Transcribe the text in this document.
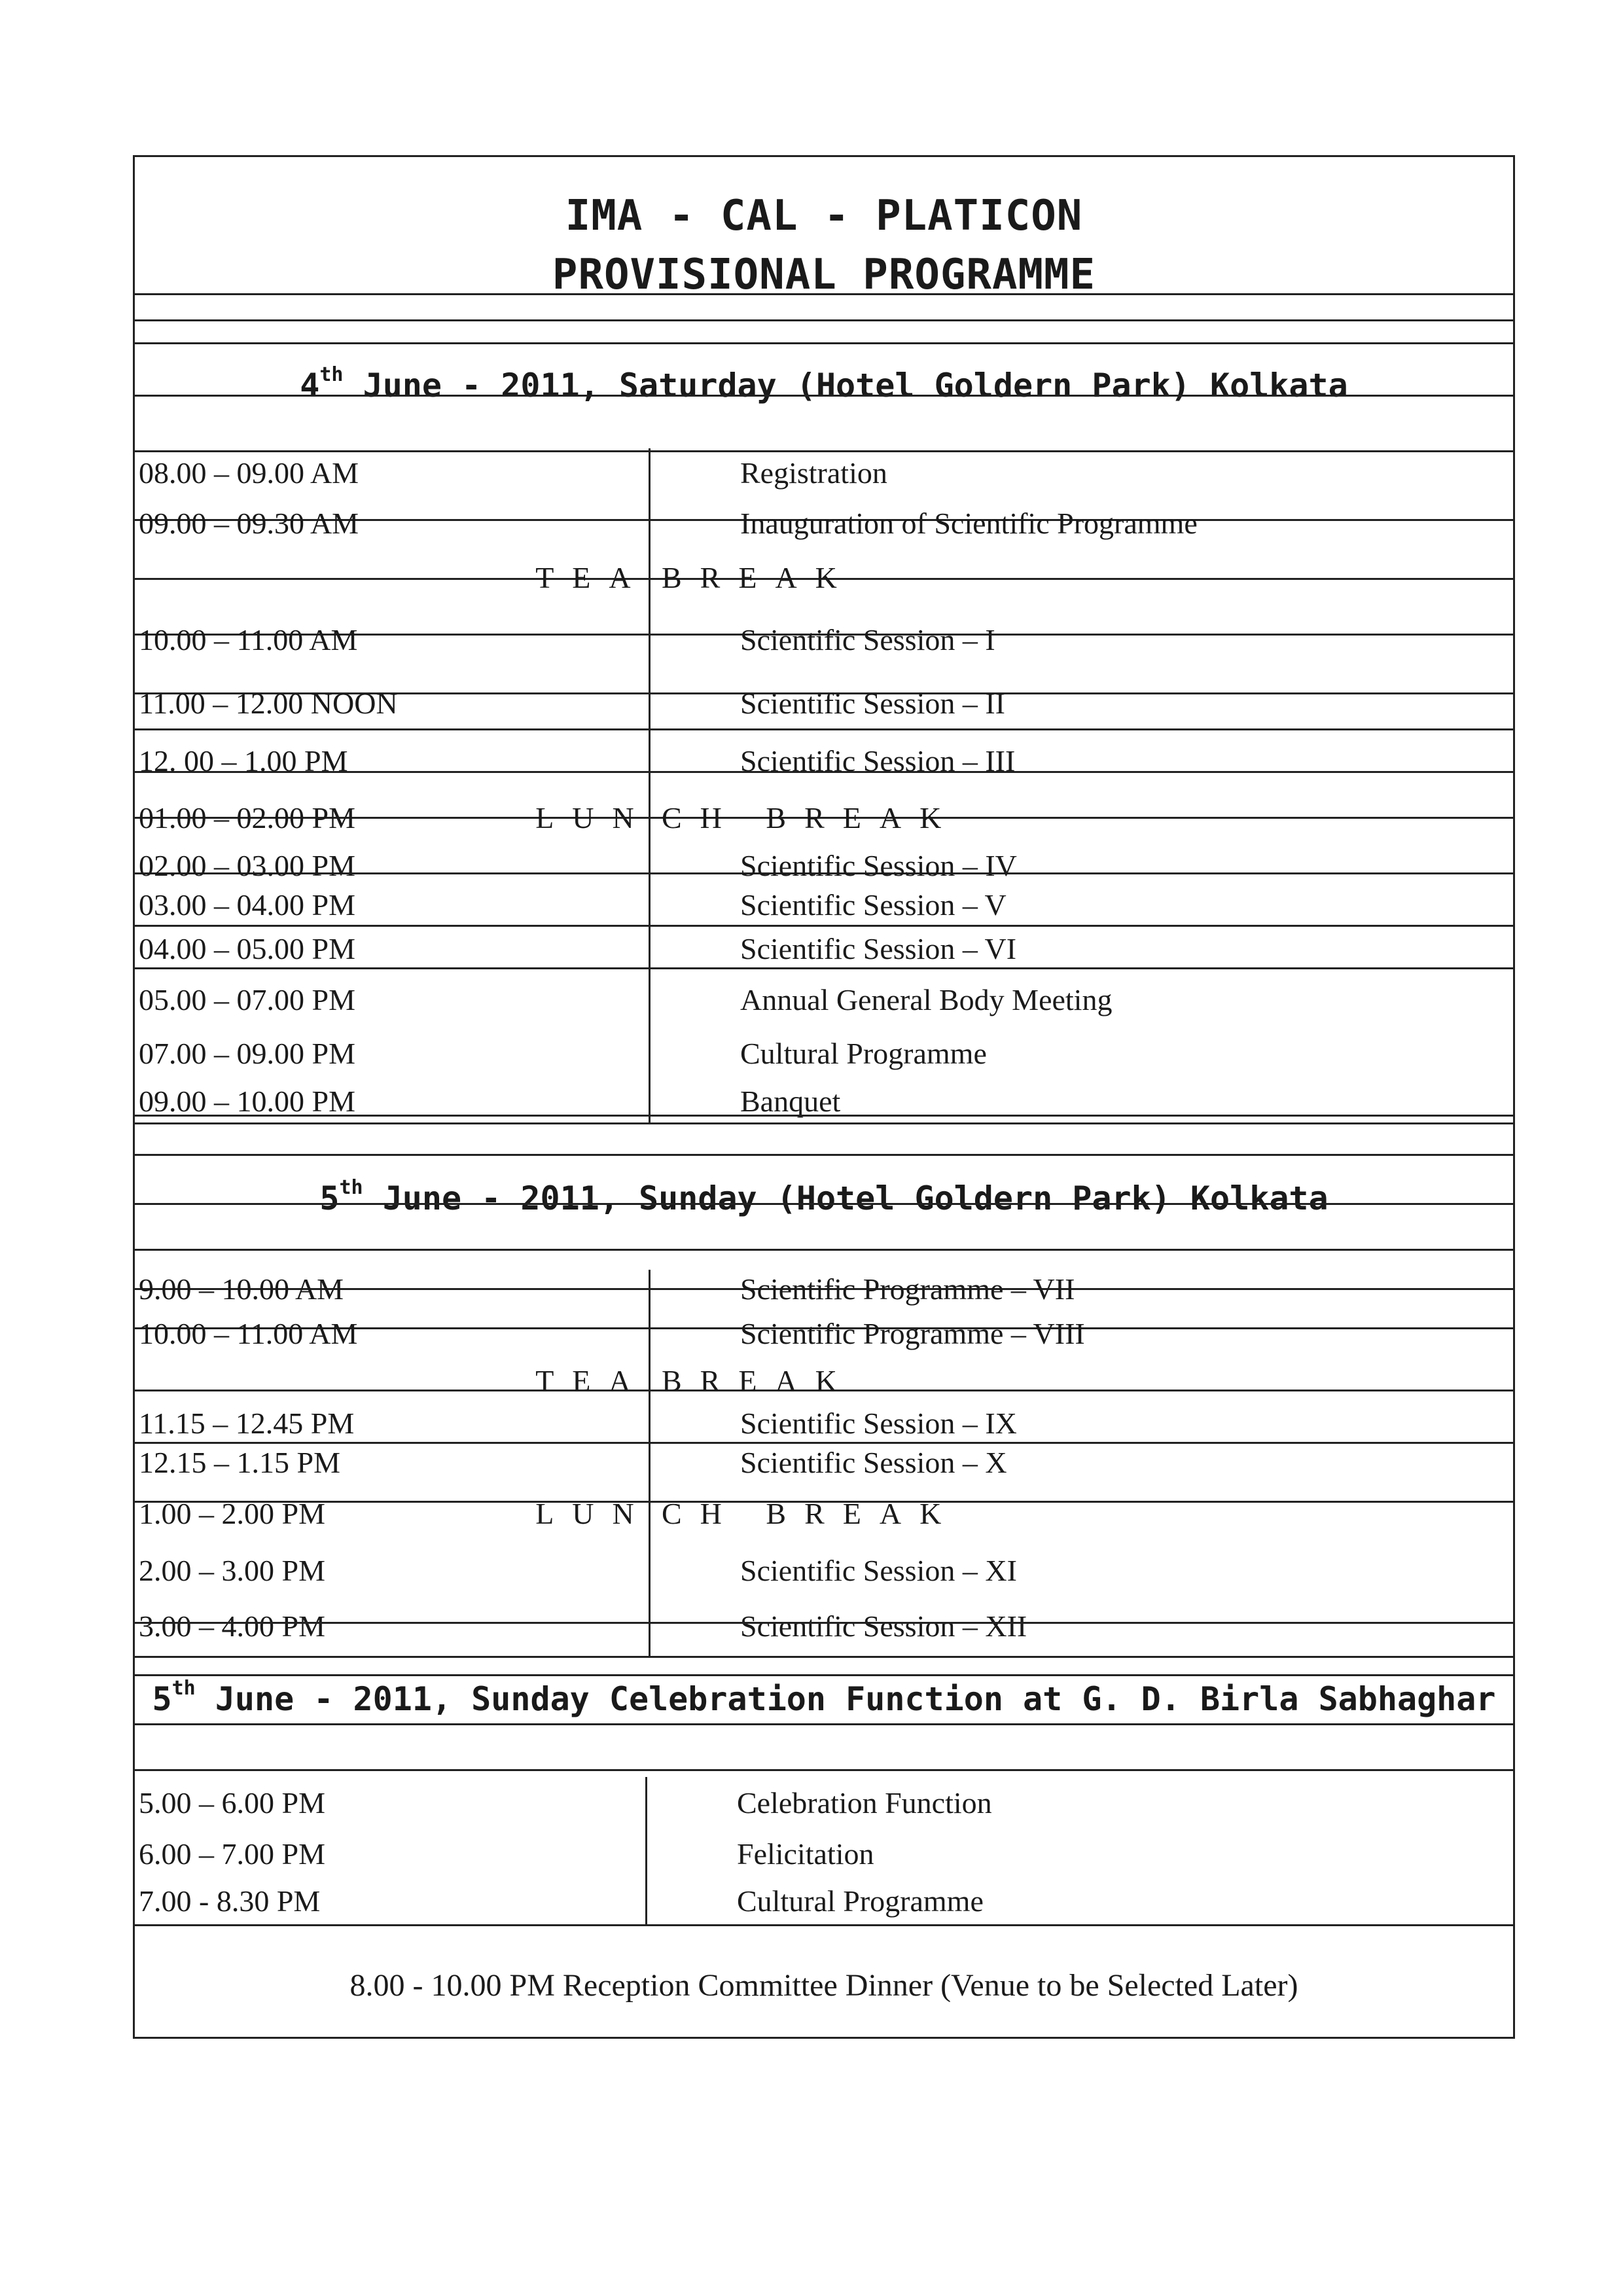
IMA - CAL - PLATICON
PROVISIONAL PROGRAMME
4th June - 2011, Saturday (Hotel Goldern Park) Kolkata
5th June - 2011, Sunday (Hotel Goldern Park) Kolkata
5th June - 2011, Sunday Celebration Function at G. D. Birla Sabhaghar
8.00 - 10.00 PM Reception Committee Dinner (Venue to be Selected Later)
08.00 – 09.00 AM	Registration
09.00 – 09.30 AM	Inauguration of Scientific Programme
TEA BREAK
10.00 – 11.00 AM	Scientific Session – I
11.00 – 12.00 NOON	Scientific Session – II
12. 00 – 1.00 PM	Scientific Session – III
01.00 – 02.00 PM	LUN CH BREAK
02.00 – 03.00 PM	Scientific Session – IV
03.00 – 04.00 PM	Scientific Session – V
04.00 – 05.00 PM	Scientific Session – VI
05.00 – 07.00 PM	Annual General Body Meeting
07.00 – 09.00 PM	Cultural Programme
09.00 – 10.00 PM	Banquet
9.00 – 10.00 AM	Scientific Programme – VII
10.00 – 11.00 AM	Scientific Programme – VIII
TEA BREAK
11.15 – 12.45 PM	Scientific Session – IX
12.15 – 1.15 PM	Scientific Session – X
1.00 – 2.00 PM	LUN CH BREAK
2.00 – 3.00 PM	Scientific Session – XI
3.00 – 4.00 PM	Scientific Session – XII
5.00 – 6.00 PM	Celebration Function
6.00 – 7.00 PM	Felicitation
7.00 - 8.30 PM	Cultural Programme
